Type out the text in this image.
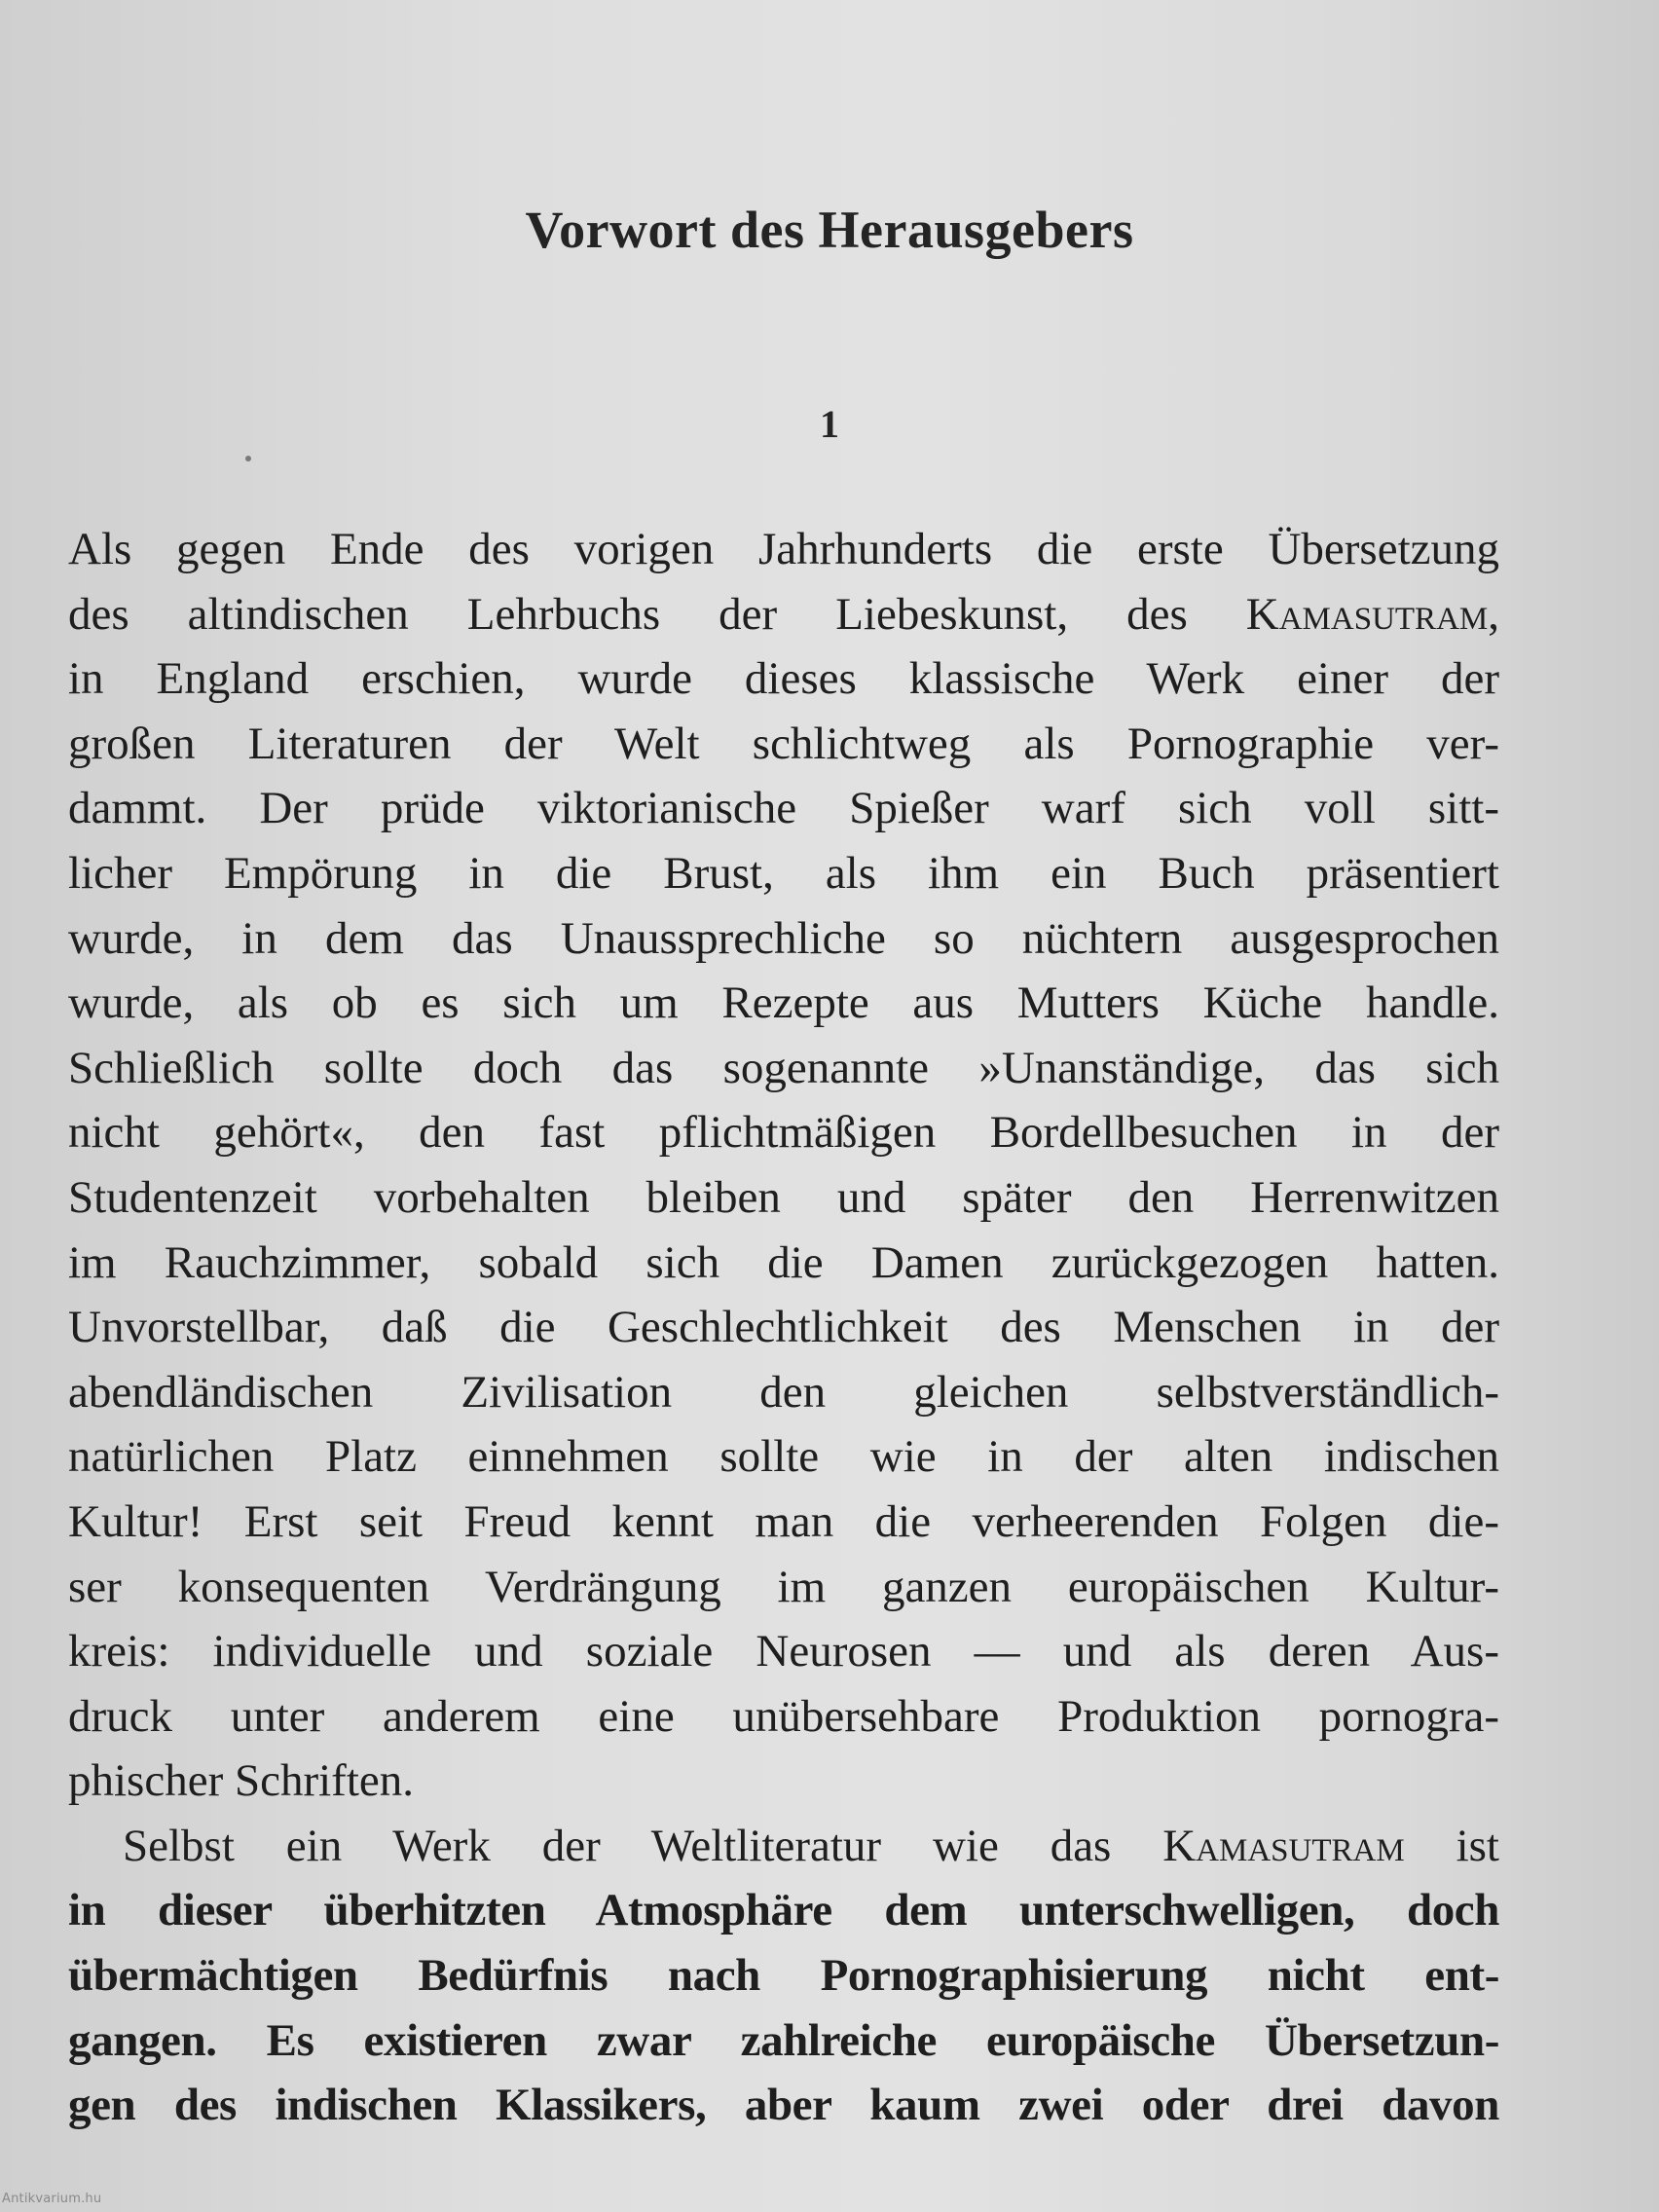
Vorwort des Herausgebers
1
Als gegen Ende des vorigen Jahrhunderts die erste Übersetzung
des altindischen Lehrbuchs der Liebeskunst, des Kamasutram,
in England erschien, wurde dieses klassische Werk einer der
großen Literaturen der Welt schlichtweg als Pornographie ver-
dammt. Der prüde viktorianische Spießer warf sich voll sitt-
licher Empörung in die Brust, als ihm ein Buch präsentiert
wurde, in dem das Unaussprechliche so nüchtern ausgesprochen
wurde, als ob es sich um Rezepte aus Mutters Küche handle.
Schließlich sollte doch das sogenannte »Unanständige, das sich
nicht gehört«, den fast pflichtmäßigen Bordellbesuchen in der
Studentenzeit vorbehalten bleiben und später den Herrenwitzen
im Rauchzimmer, sobald sich die Damen zurückgezogen hatten.
Unvorstellbar, daß die Geschlechtlichkeit des Menschen in der
abendländischen Zivilisation den gleichen selbstverständlich-
natürlichen Platz einnehmen sollte wie in der alten indischen
Kultur! Erst seit Freud kennt man die verheerenden Folgen die-
ser konsequenten Verdrängung im ganzen europäischen Kultur-
kreis: individuelle und soziale Neurosen — und als deren Aus-
druck unter anderem eine unübersehbare Produktion pornogra-
phischer Schriften.
Selbst ein Werk der Weltliteratur wie das Kamasutram ist
in dieser überhitzten Atmosphäre dem unterschwelligen, doch
übermächtigen Bedürfnis nach Pornographisierung nicht ent-
gangen. Es existieren zwar zahlreiche europäische Übersetzun-
gen des indischen Klassikers, aber kaum zwei oder drei davon
Antikvarium.hu
